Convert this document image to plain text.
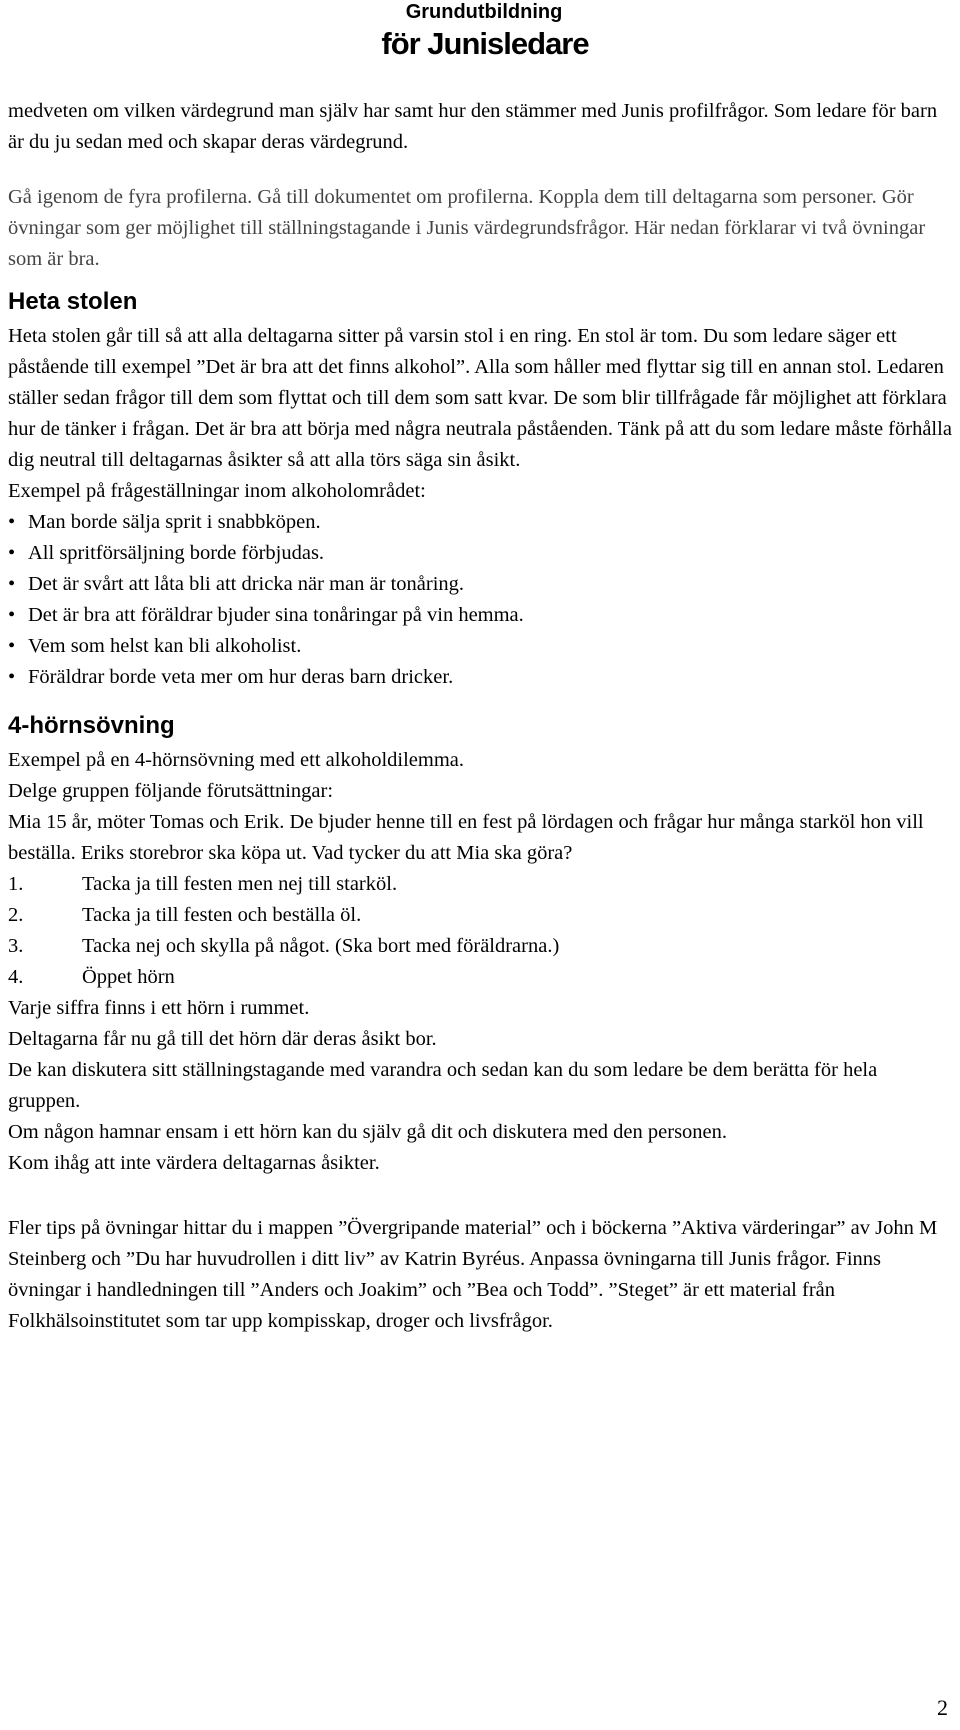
Grundutbildning
för Junisledare

medveten om vilken värdegrund man själv har samt hur den stämmer med Junis profilfrågor. Som ledare för barn är du ju sedan med och skapar deras värdegrund.

Gå igenom de fyra profilerna. Gå till dokumentet om profilerna. Koppla dem till deltagarna som personer. Gör övningar som ger möjlighet till ställningstagande i Junis värdegrundsfrågor. Här nedan förklarar vi två övningar som är bra.

Heta stolen

Heta stolen går till så att alla deltagarna sitter på varsin stol i en ring. En stol är tom. Du som ledare säger ett påstående till exempel ”Det är bra att det finns alkohol”. Alla som håller med flyttar sig till en annan stol. Ledaren ställer sedan frågor till dem som flyttat och till dem som satt kvar. De som blir tillfrågade får möjlighet att förklara hur de tänker i frågan. Det är bra att börja med några neutrala påståenden. Tänk på att du som ledare måste förhålla dig neutral till deltagarnas åsikter så att alla törs säga sin åsikt.

Exempel på frågeställningar inom alkoholområdet:

• Man borde sälja sprit i snabbköpen.
• All spritförsäljning borde förbjudas.
• Det är svårt att låta bli att dricka när man är tonåring.
• Det är bra att föräldrar bjuder sina tonåringar på vin hemma.
• Vem som helst kan bli alkoholist.
• Föräldrar borde veta mer om hur deras barn dricker.
4-hörnsövning

Exempel på en 4-hörnsövning med ett alkoholdilemma.

Delge gruppen följande förutsättningar:

Mia 15 år, möter Tomas och Erik. De bjuder henne till en fest på lördagen och frågar hur många starköl hon vill beställa. Eriks storebror ska köpa ut. Vad tycker du att Mia ska göra?

1.	Tacka ja till festen men nej till starköl.
2.	Tacka ja till festen och beställa öl.
3.	Tacka nej och skylla på något. (Ska bort med föräldrarna.)
4.	Öppet hörn

Varje siffra finns i ett hörn i rummet.

Deltagarna får nu gå till det hörn där deras åsikt bor.

De kan diskutera sitt ställningstagande med varandra och sedan kan du som ledare be dem berätta för hela gruppen.

Om någon hamnar ensam i ett hörn kan du själv gå dit och diskutera med den personen.

Kom ihåg att inte värdera deltagarnas åsikter.

Fler tips på övningar hittar du i mappen ”Övergripande material” och i böckerna ”Aktiva värderingar” av John M Steinberg och ”Du har huvudrollen i ditt liv” av Katrin Byréus. Anpassa övningarna till Junis frågor. Finns övningar i handledningen till ”Anders och Joakim” och ”Bea och Todd”. ”Steget” är ett material från Folkhälsoinstitutet som tar upp kompisskap, droger och livsfrågor.

2
